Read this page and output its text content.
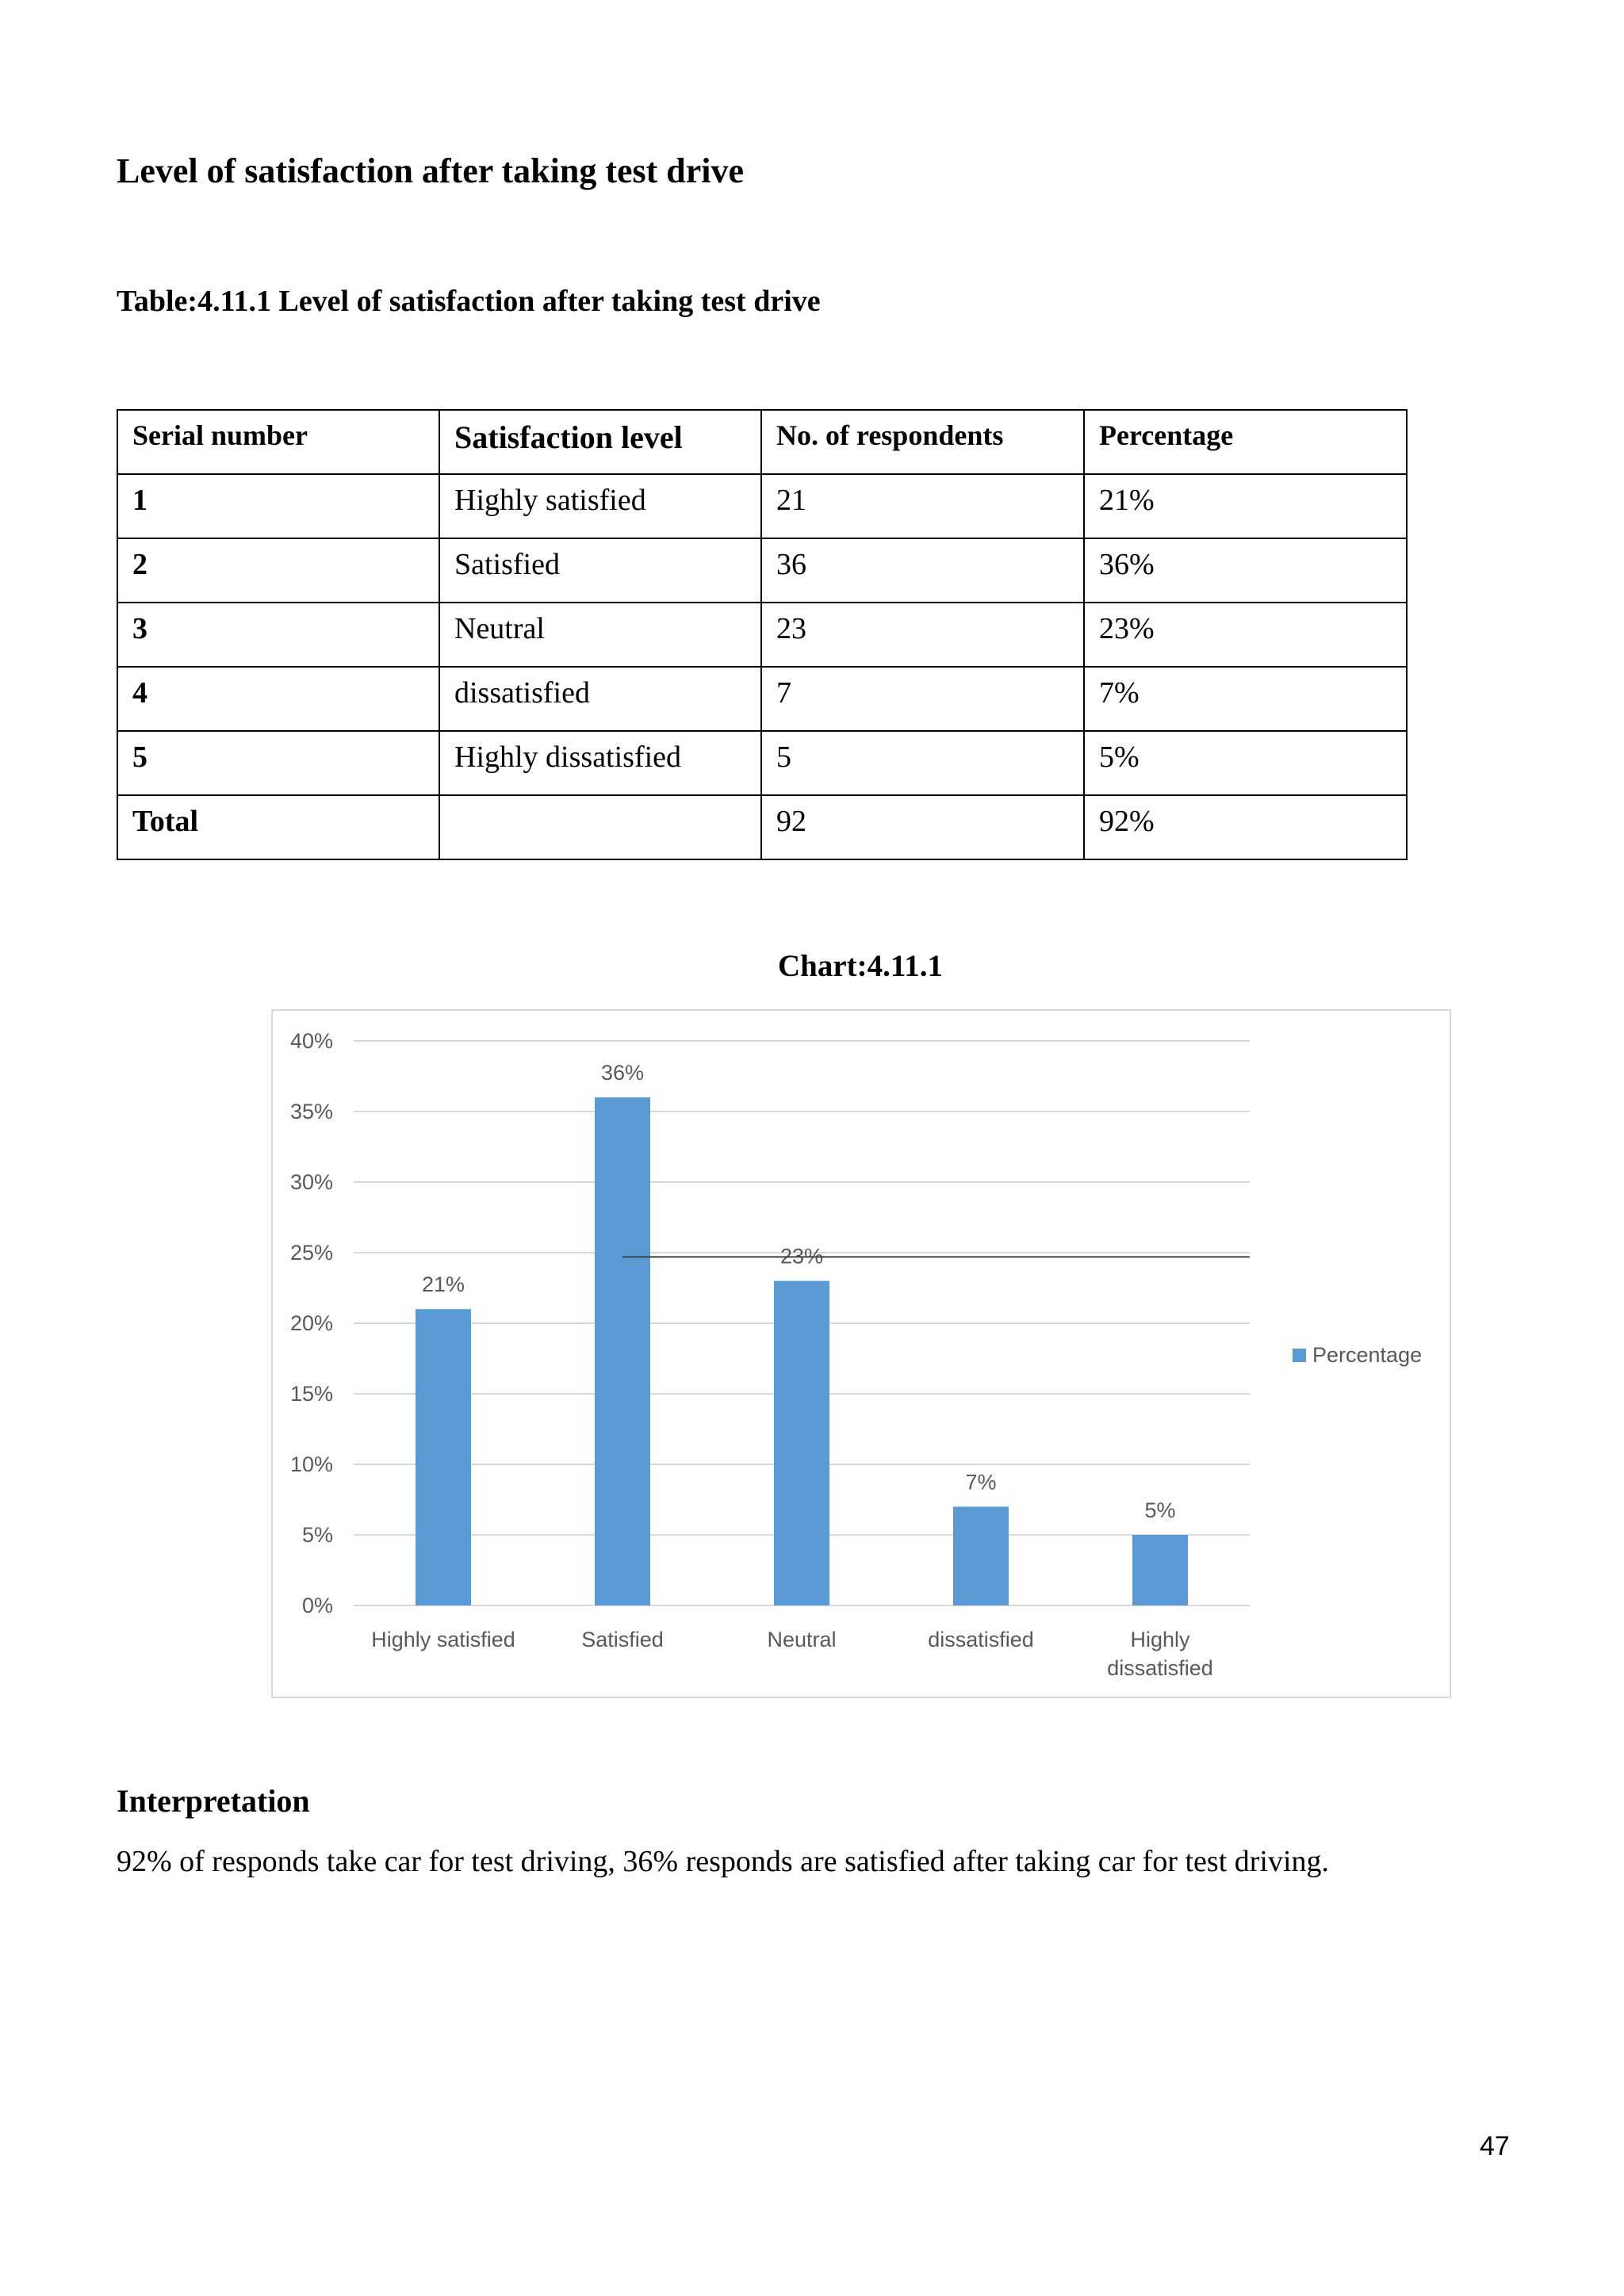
Level of satisfaction after taking test drive
Table:4.11.1 Level of satisfaction after taking test drive
Serial number	Satisfaction level	No. of respondents	Percentage
1	Highly satisfied	21	21%
2	Satisfied	36	36%
3	Neutral	23	23%
4	dissatisfied	7	7%
5	Highly dissatisfied	5	5%
Total		92	92%
Chart:4.11.1
0%
5%
10%
15%
20%
25%
30%
35%
40%
21%
Highly satisfied
36%
Satisfied
23%
Neutral
7%
dissatisfied
5%
Highly
dissatisfied
Percentage
Interpretation

92% of responds take car for test driving, 36% responds are satisfied after taking car for test driving.

47
